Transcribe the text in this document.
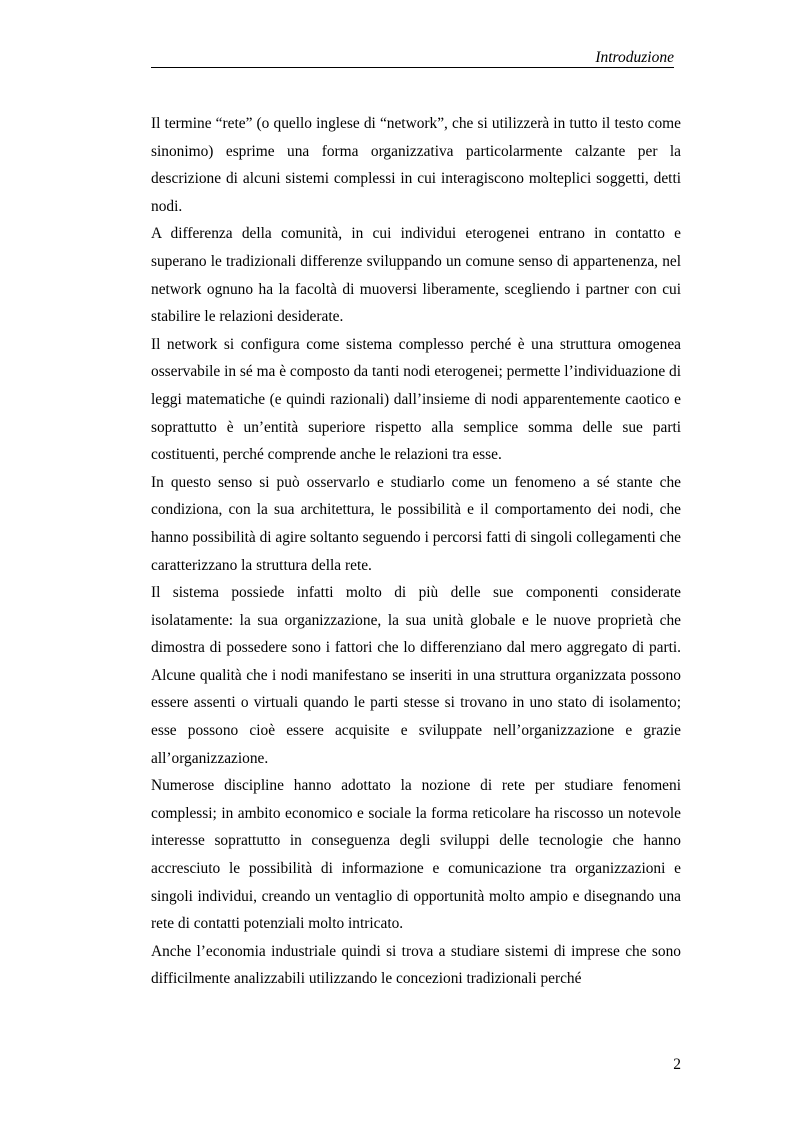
Introduzione

Il termine “rete” (o quello inglese di “network”, che si utilizzerà in tutto il testo come sinonimo) esprime una forma organizzativa particolarmente calzante per la descrizione di alcuni sistemi complessi in cui interagiscono molteplici soggetti, detti nodi.

A differenza della comunità, in cui individui eterogenei entrano in contatto e superano le tradizionali differenze sviluppando un comune senso di appartenenza, nel network ognuno ha la facoltà di muoversi liberamente, scegliendo i partner con cui stabilire le relazioni desiderate.

Il network si configura come sistema complesso perché è una struttura omogenea osservabile in sé ma è composto da tanti nodi eterogenei; permette l’individuazione di leggi matematiche (e quindi razionali) dall’insieme di nodi apparentemente caotico e soprattutto è un’entità superiore rispetto alla semplice somma delle sue parti costituenti, perché comprende anche le relazioni tra esse.

In questo senso si può osservarlo e studiarlo come un fenomeno a sé stante che condiziona, con la sua architettura, le possibilità e il comportamento dei nodi, che hanno possibilità di agire soltanto seguendo i percorsi fatti di singoli collegamenti che caratterizzano la struttura della rete.

Il sistema possiede infatti molto di più delle sue componenti considerate isolatamente: la sua organizzazione, la sua unità globale e le nuove proprietà che dimostra di possedere sono i fattori che lo differenziano dal mero aggregato di parti. Alcune qualità che i nodi manifestano se inseriti in una struttura organizzata possono essere assenti o virtuali quando le parti stesse si trovano in uno stato di isolamento; esse possono cioè essere acquisite e sviluppate nell’organizzazione e grazie all’organizzazione.

Numerose discipline hanno adottato la nozione di rete per studiare fenomeni complessi; in ambito economico e sociale la forma reticolare ha riscosso un notevole interesse soprattutto in conseguenza degli sviluppi delle tecnologie che hanno accresciuto le possibilità di informazione e comunicazione tra organizzazioni e singoli individui, creando un ventaglio di opportunità molto ampio e disegnando una rete di contatti potenziali molto intricato.

Anche l’economia industriale quindi si trova a studiare sistemi di imprese che sono difficilmente analizzabili utilizzando le concezioni tradizionali perché

2
